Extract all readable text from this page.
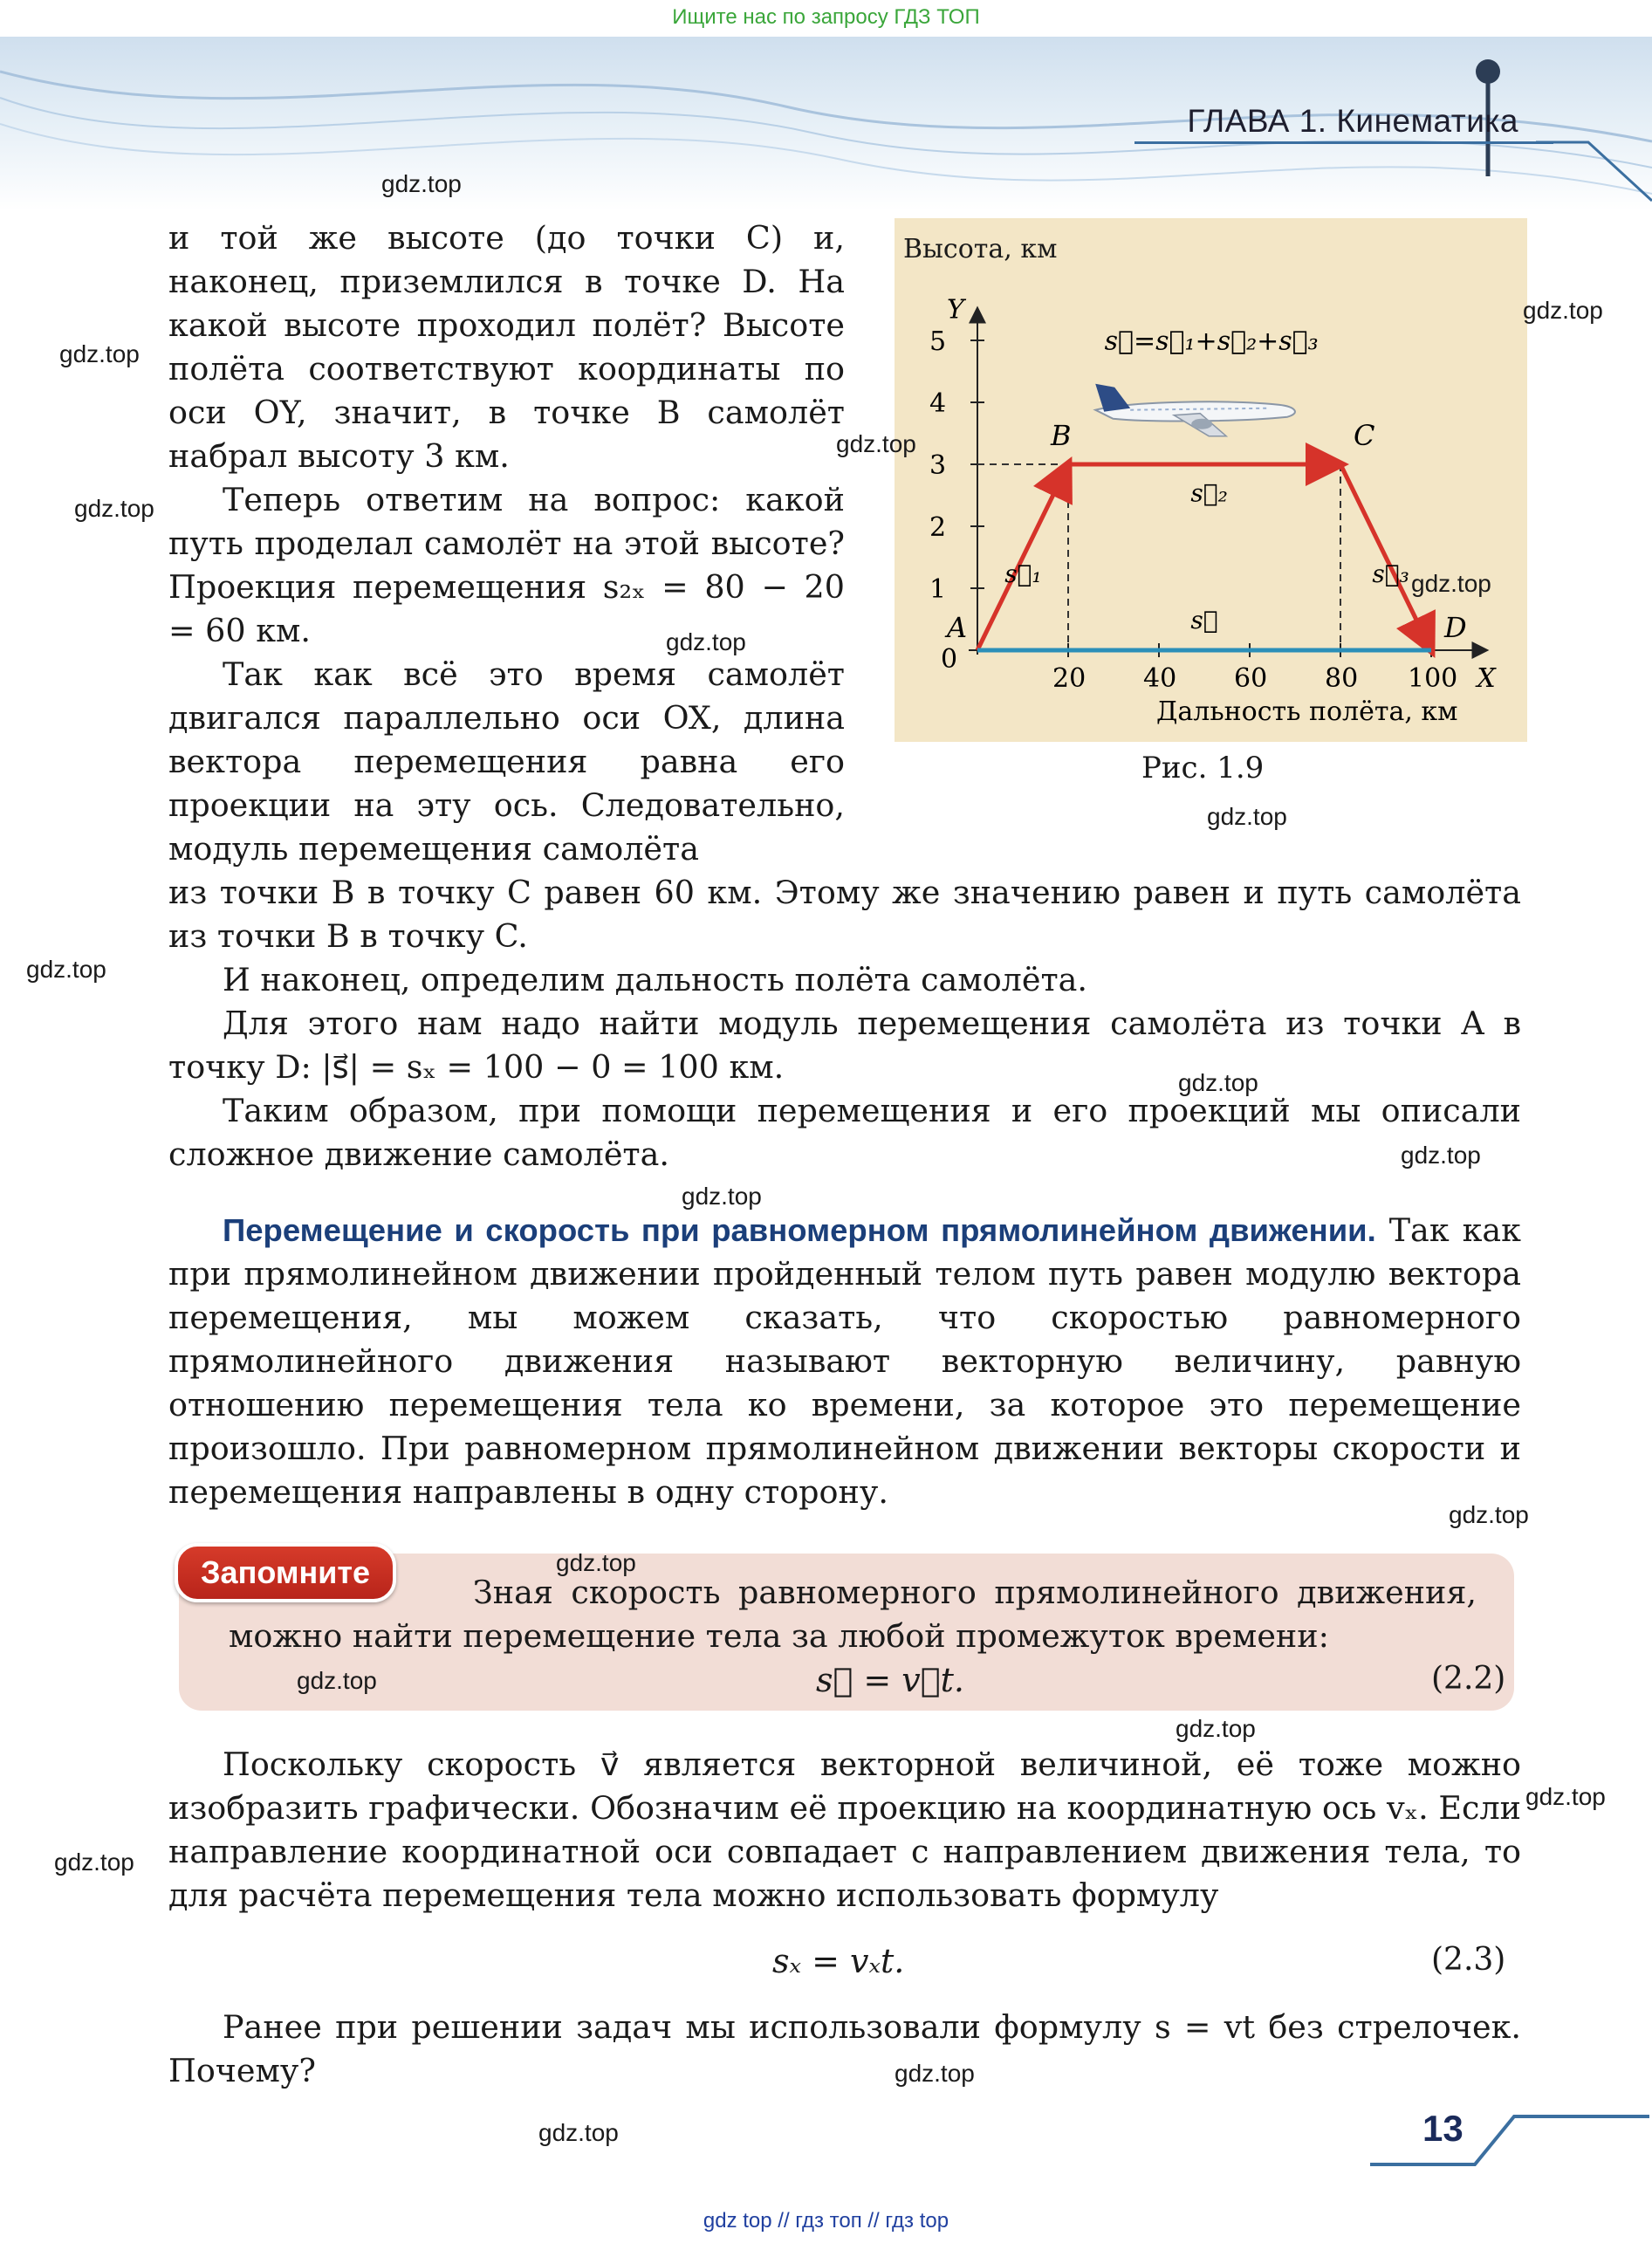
Ищите нас по запросу ГДЗ ТОП
ГЛАВА 1. Кинематика

и той же высоте (до точки C) и, наконец, приземлился в точке D. На какой высоте проходил полёт? Высоте полёта соответствуют координаты по оси OY, значит, в точке B самолёт набрал высоту 3 км.

Теперь ответим на вопрос: какой путь проделал самолёт на этой высоте? Проекция перемещения s₂ₓ = 80 − 20 = 60 км.

Так как всё это время самолёт двигался параллельно оси OX, длина вектора перемещения равна его проекции на эту ось. Следовательно, модуль перемещения самолёта

Высота, км
Y
X
Дальность полёта, км
0
1
2
3
4
5
20 40 60 80 100
A
B	C
D
s⃗₁
s⃗₂
s⃗₃
s⃗
s⃗=s⃗₁+s⃗₂+s⃗₃
Рис. 1.9

из точки B в точку C равен 60 км. Этому же значению равен и путь самолёта из точки B в точку C.

И наконец, определим дальность полёта самолёта.

Для этого нам надо найти модуль перемещения самолёта из точки A в точку D: |s⃗| = sₓ = 100 − 0 = 100 км.

Таким образом, при помощи перемещения и его проекций мы описали сложное движение самолёта.

Перемещение и скорость при равномерном прямолинейном движении. Так как при прямолинейном движении пройденный телом путь равен модулю вектора перемещения, мы можем сказать, что скоростью равномерного прямолинейного движения называют векторную величину, равную отношению перемещения тела ко времени, за которое это перемещение произошло. При равномерном прямолинейном движении векторы скорости и перемещения направлены в одну сторону.

Запомните

Зная скорость равномерного прямолинейного движения, можно найти перемещение тела за любой промежуток времени:

s⃗ = v⃗t.	(2.2)

Поскольку скорость v⃗ является векторной величиной, её тоже можно изобразить графически. Обозначим её проекцию на координатную ось vₓ. Если направление координатной оси совпадает с направлением движения тела, то для расчёта перемещения тела можно использовать формулу

sₓ = vₓt.	(2.3)

Ранее при решении задач мы использовали формулу s = vt без стрелочек. Почему?

13
gdz.top
gdz.top
gdz.top
gdz.top
gdz.top
gdz.top
gdz.top
gdz.top
gdz.top
gdz.top
gdz.top
gdz.top
gdz.top
gdz.top
gdz.top
gdz.top
gdz.top
gdz.top
gdz.top
gdz.top
gdz top // гдз топ // гдз top
